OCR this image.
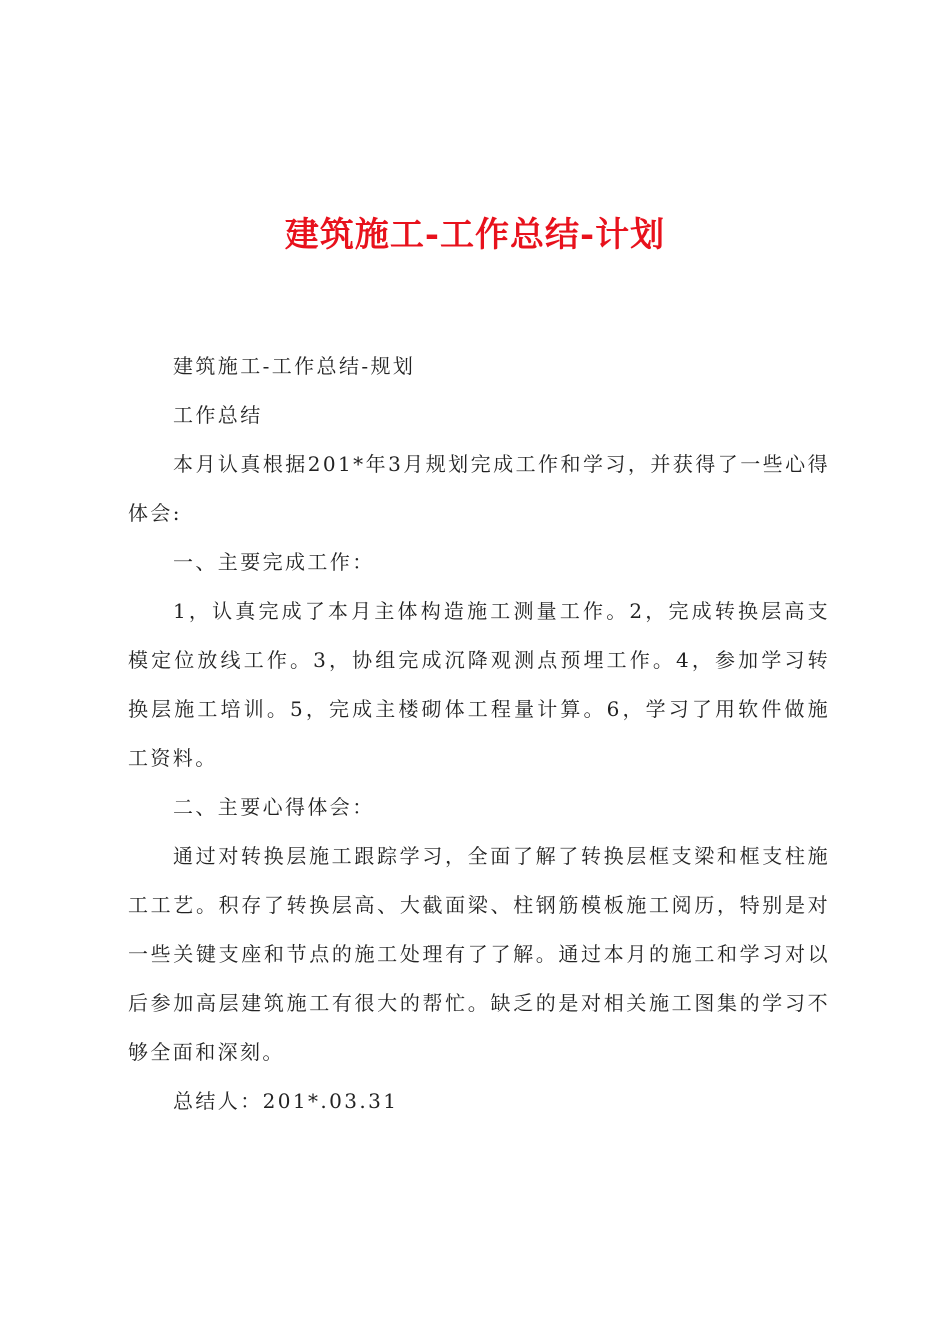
建筑施工-工作总结-计划

建筑施工-工作总结-规划

工作总结

本月认真根据201*年3月规划完成工作和学习，并获得了一些心得体会:

一、主要完成工作：

1，认真完成了本月主体构造施工测量工作。2，完成转换层高支模定位放线工作。3，协组完成沉降观测点预埋工作。4，参加学习转换层施工培训。5，完成主楼砌体工程量计算。6，学习了用软件做施工资料。

二、主要心得体会：

通过对转换层施工跟踪学习，全面了解了转换层框支梁和框支柱施工工艺。积存了转换层高、大截面梁、柱钢筋模板施工阅历，特别是对一些关键支座和节点的施工处理有了了解。通过本月的施工和学习对以后参加高层建筑施工有很大的帮忙。缺乏的是对相关施工图集的学习不够全面和深刻。

总结人：201*.03.31
